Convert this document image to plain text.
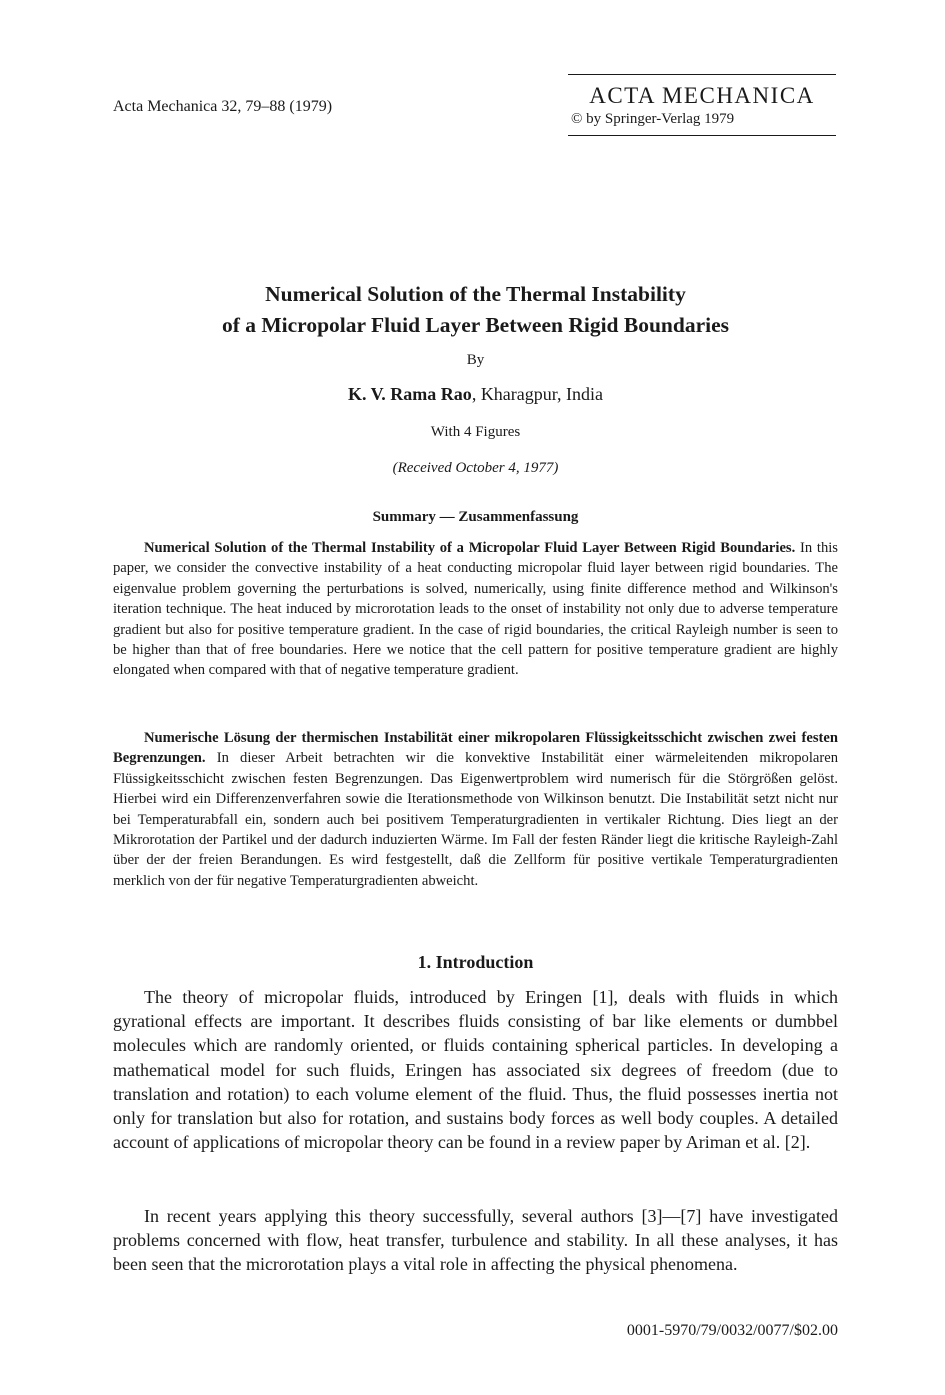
Acta Mechanica 32, 79–88 (1979)	ACTA MECHANICA
© by Springer-Verlag 1979
Numerical Solution of the Thermal Instability
of a Micropolar Fluid Layer Between Rigid Boundaries
By
K. V. Rama Rao, Kharagpur, India
With 4 Figures
(Received October 4, 1977)
Summary — Zusammenfassung

Numerical Solution of the Thermal Instability of a Micropolar Fluid Layer Between Rigid Boundaries. In this paper, we consider the convective instability of a heat conducting micropolar fluid layer between rigid boundaries. The eigenvalue problem governing the perturbations is solved, numerically, using finite difference method and Wilkinson's iteration technique. The heat induced by microrotation leads to the onset of instability not only due to adverse temperature gradient but also for positive temperature gradient. In the case of rigid boundaries, the critical Rayleigh number is seen to be higher than that of free boundaries. Here we notice that the cell pattern for positive temperature gradient are highly elongated when compared with that of negative temperature gradient.

Numerische Lösung der thermischen Instabilität einer mikropolaren Flüssigkeitsschicht zwischen zwei festen Begrenzungen. In dieser Arbeit betrachten wir die konvektive Instabilität einer wärmeleitenden mikropolaren Flüssigkeitsschicht zwischen festen Begrenzungen. Das Eigenwertproblem wird numerisch für die Störgrößen gelöst. Hierbei wird ein Differenzenverfahren sowie die Iterationsmethode von Wilkinson benutzt. Die Instabilität setzt nicht nur bei Temperaturabfall ein, sondern auch bei positivem Temperaturgradienten in vertikaler Richtung. Dies liegt an der Mikrorotation der Partikel und der dadurch induzierten Wärme. Im Fall der festen Ränder liegt die kritische Rayleigh-Zahl über der der freien Berandungen. Es wird festgestellt, daß die Zellform für positive vertikale Temperaturgradienten merklich von der für negative Temperaturgradienten abweicht.

1. Introduction

The theory of micropolar fluids, introduced by Eringen [1], deals with fluids in which gyrational effects are important. It describes fluids consisting of bar like elements or dumbbel molecules which are randomly oriented, or fluids containing spherical particles. In developing a mathematical model for such fluids, Eringen has associated six degrees of freedom (due to translation and rotation) to each volume element of the fluid. Thus, the fluid possesses inertia not only for translation but also for rotation, and sustains body forces as well body couples. A detailed account of applications of micropolar theory can be found in a review paper by Ariman et al. [2].

In recent years applying this theory successfully, several authors [3]—[7] have investigated problems concerned with flow, heat transfer, turbulence and stability. In all these analyses, it has been seen that the microrotation plays a vital role in affecting the physical phenomena.

0001-5970/79/0032/0077/$02.00
